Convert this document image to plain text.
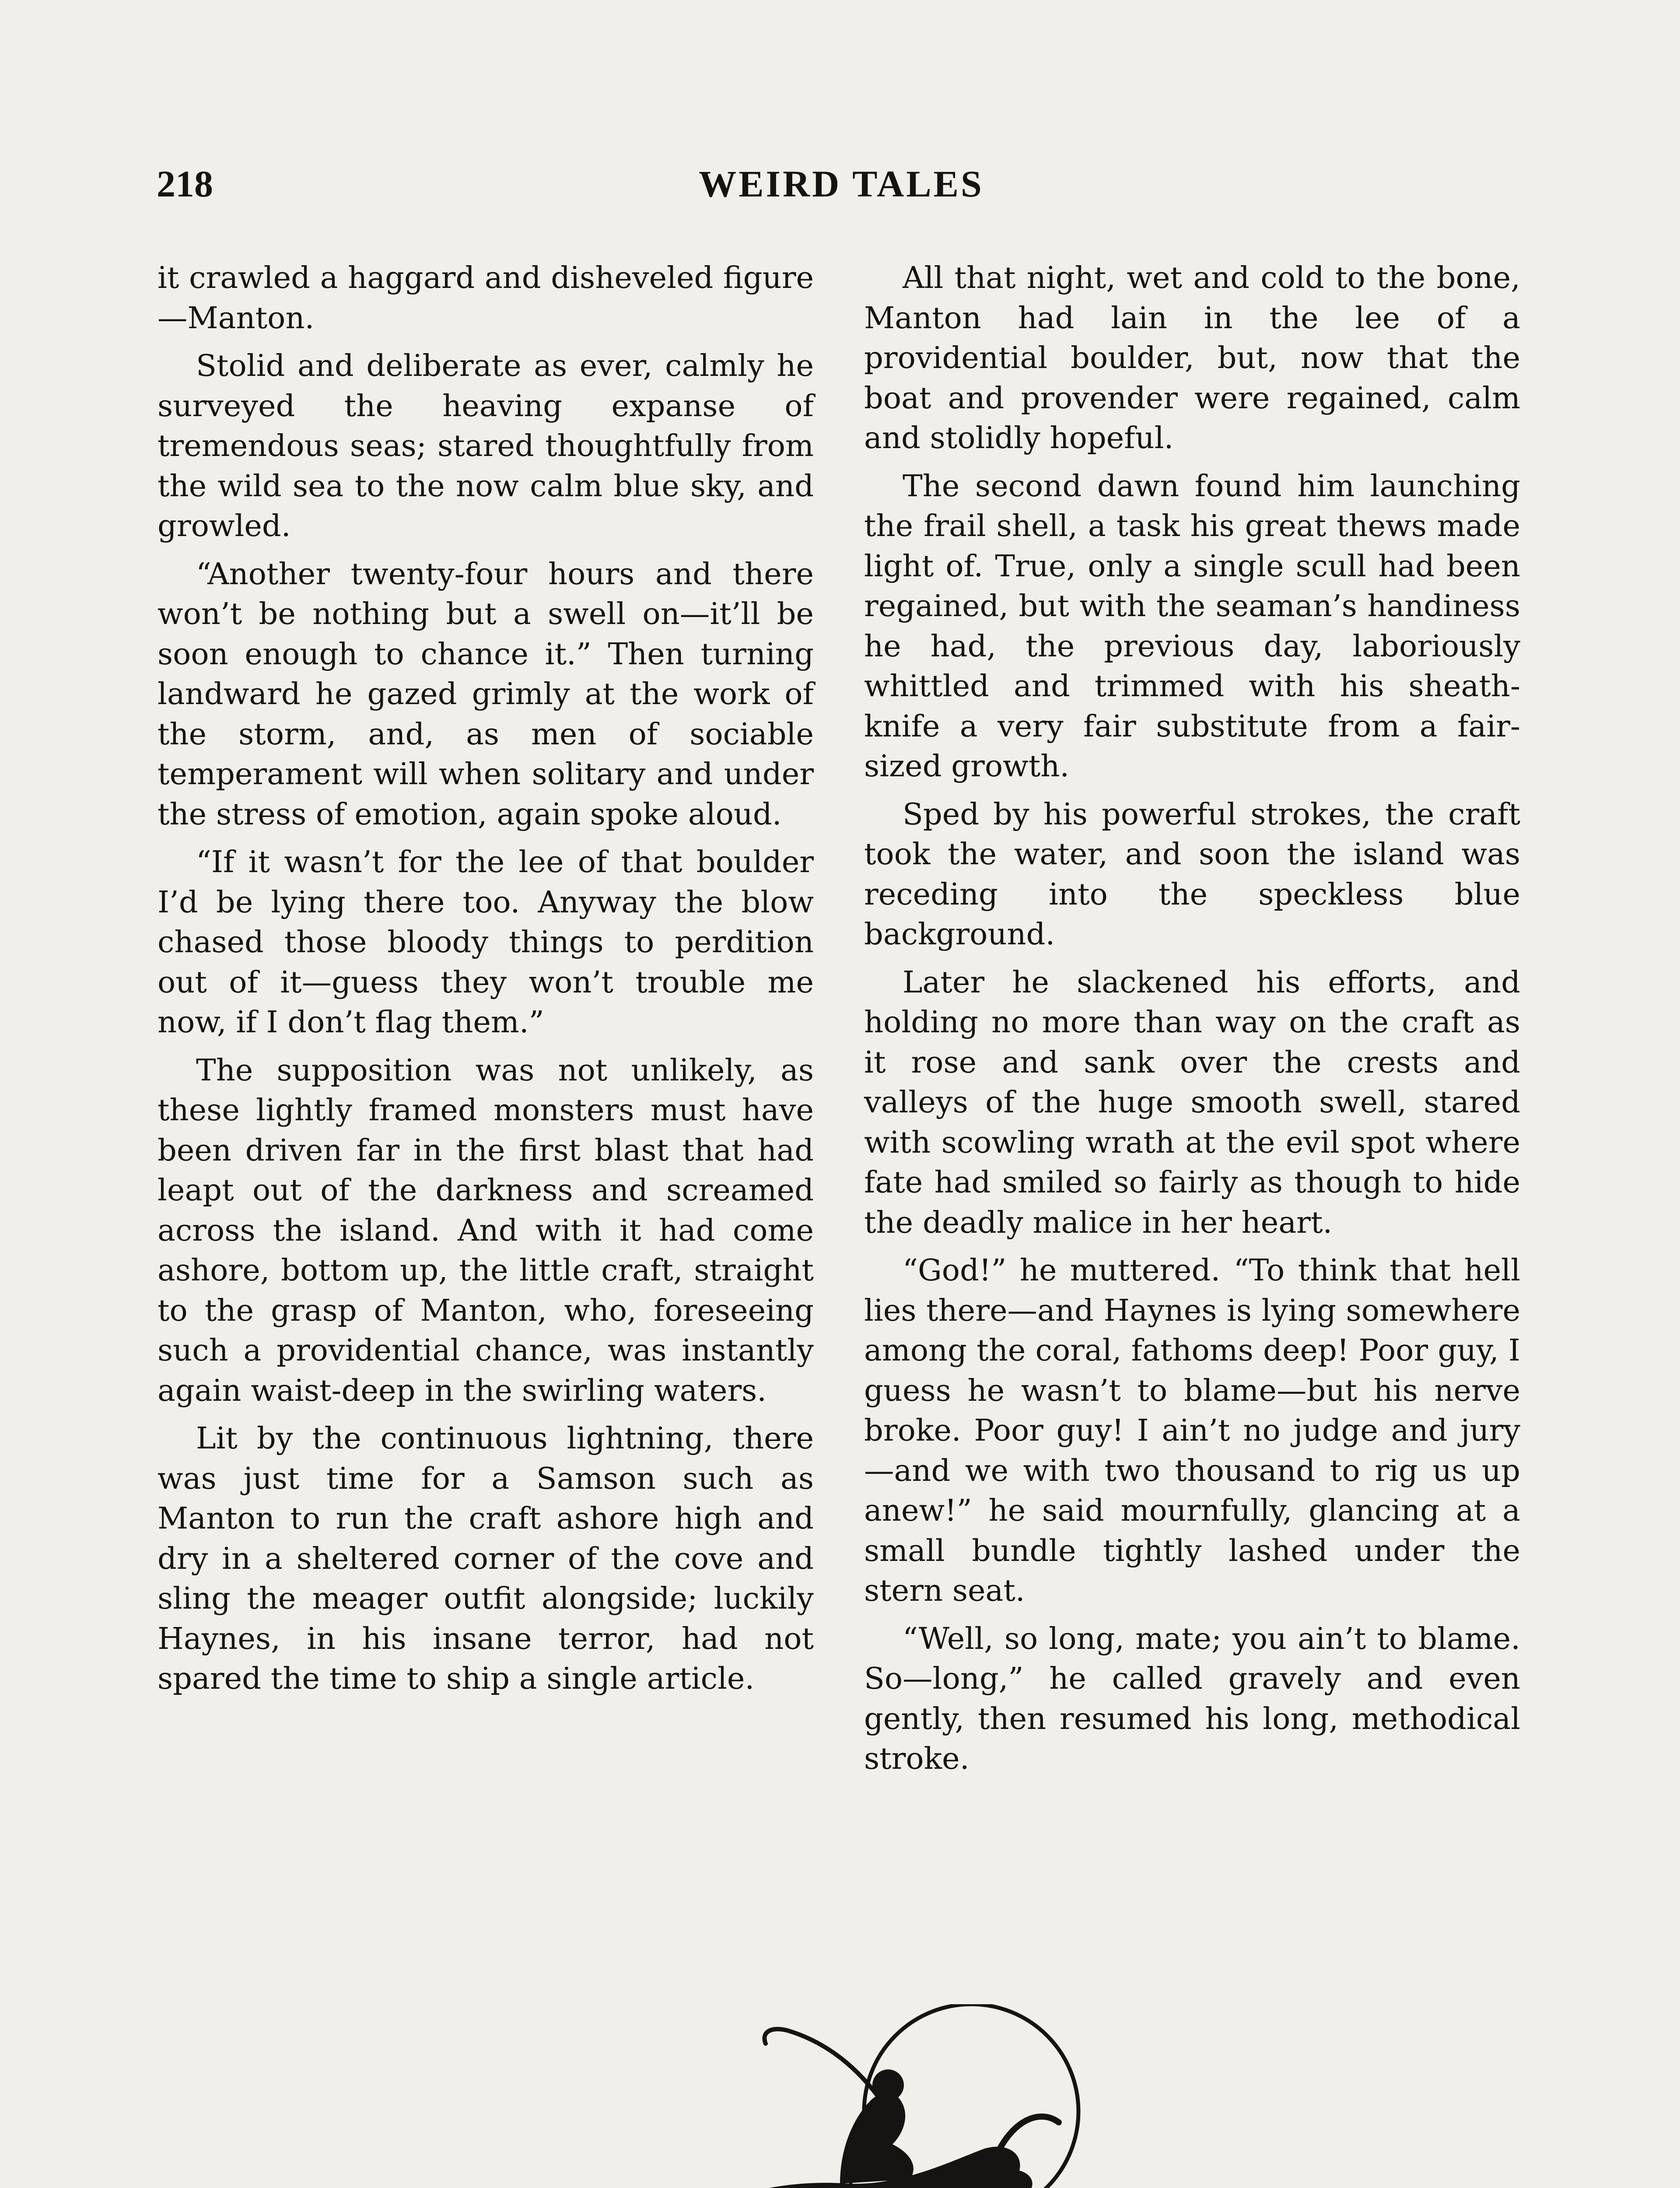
218	WEIRD TALES

it crawled a haggard and disheveled figure—Manton.

Stolid and deliberate as ever, calmly he surveyed the heaving expanse of tremendous seas; stared thoughtfully from the wild sea to the now calm blue sky, and growled.

“Another twenty-four hours and there won’t be nothing but a swell on—it’ll be soon enough to chance it.” Then turning landward he gazed grimly at the work of the storm, and, as men of sociable temperament will when solitary and under the stress of emotion, again spoke aloud.

“If it wasn’t for the lee of that boulder I’d be lying there too. Anyway the blow chased those bloody things to perdition out of it—guess they won’t trouble me now, if I don’t flag them.”

The supposition was not unlikely, as these lightly framed monsters must have been driven far in the first blast that had leapt out of the darkness and screamed across the island. And with it had come ashore, bottom up, the little craft, straight to the grasp of Manton, who, foreseeing such a providential chance, was instantly again waist-deep in the swirling waters.

Lit by the continuous lightning, there was just time for a Samson such as Manton to run the craft ashore high and dry in a sheltered corner of the cove and sling the meager outfit alongside; luckily Haynes, in his insane terror, had not spared the time to ship a single article.

All that night, wet and cold to the bone, Manton had lain in the lee of a providential boulder, but, now that the boat and provender were regained, calm and stolidly hopeful.

The second dawn found him launching the frail shell, a task his great thews made light of. True, only a single scull had been regained, but with the seaman’s handiness he had, the previous day, laboriously whittled and trimmed with his sheath-knife a very fair substitute from a fair-sized growth.

Sped by his powerful strokes, the craft took the water, and soon the island was receding into the speckless blue background.

Later he slackened his efforts, and holding no more than way on the craft as it rose and sank over the crests and valleys of the huge smooth swell, stared with scowling wrath at the evil spot where fate had smiled so fairly as though to hide the deadly malice in her heart.

“God!” he muttered. “To think that hell lies there—and Haynes is lying somewhere among the coral, fathoms deep! Poor guy, I guess he wasn’t to blame—but his nerve broke. Poor guy! I ain’t no judge and jury—and we with two thousand to rig us up anew!” he said mournfully, glancing at a small bundle tightly lashed under the stern seat.

“Well, so long, mate; you ain’t to blame. So—long,” he called gravely and even gently, then resumed his long, methodical stroke.
